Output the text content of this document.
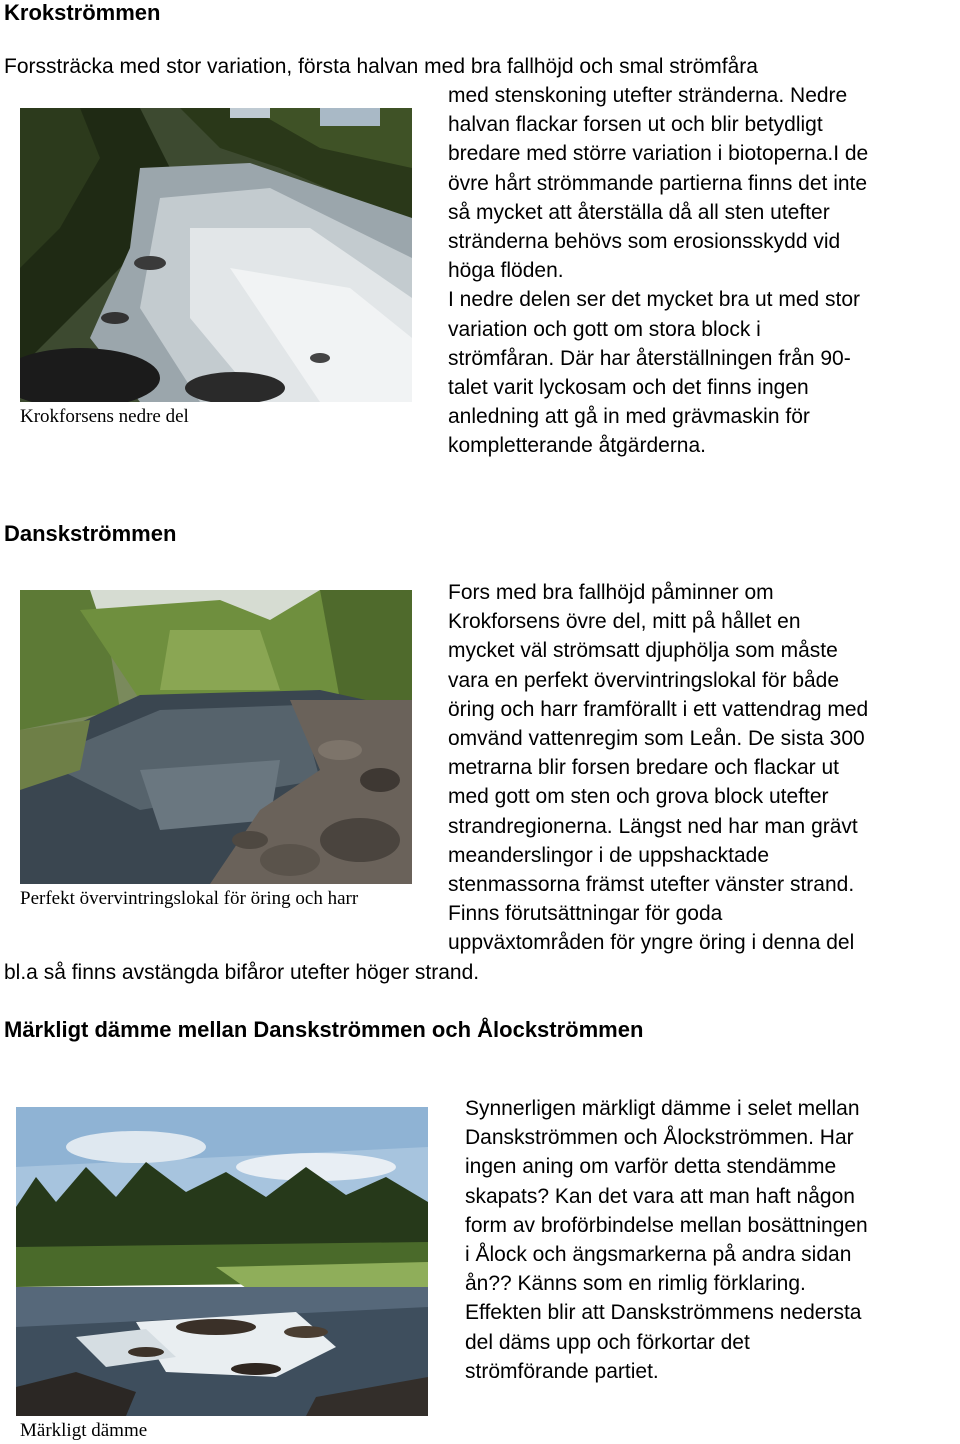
Krokströmmen
Forssträcka med stor variation, första halvan med bra fallhöjd och smal strömfåra
Krokforsens nedre del
med stenskoning utefter stränderna. Nedre
halvan flackar forsen ut och blir betydligt
bredare med större variation i biotoperna.I de
övre hårt strömmande partierna finns det inte
så mycket att återställa då all sten utefter
stränderna behövs som erosionsskydd vid
höga flöden.
I nedre delen ser det mycket bra ut med stor
variation och gott om stora block i
strömfåran. Där har återställningen från 90-
talet varit lyckosam och det finns ingen
anledning att gå in med grävmaskin för
kompletterande åtgärderna.
Danskströmmen
Perfekt övervintringslokal för öring och harr
Fors med bra fallhöjd påminner om
Krokforsens övre del, mitt på hållet en
mycket väl strömsatt djuphölja som måste
vara en perfekt övervintringslokal för både
öring och harr framförallt i ett vattendrag med
omvänd vattenregim som Leån. De sista 300
metrarna blir forsen bredare och flackar ut
med gott om sten och grova block utefter
strandregionerna. Längst ned har man grävt
meanderslingor i de uppshacktade
stenmassorna främst utefter vänster strand.
Finns förutsättningar för goda
uppväxtområden för yngre öring i denna del
bl.a så finns avstängda bifåror utefter höger strand.
Märkligt dämme mellan Danskströmmen och Ålockströmmen
Märkligt dämme
Synnerligen märkligt dämme i selet mellan
Danskströmmen och Ålockströmmen. Har
ingen aning om varför detta stendämme
skapats? Kan det vara att man haft någon
form av broförbindelse mellan bosättningen
i Ålock och ängsmarkerna på andra sidan
ån?? Känns som en rimlig förklaring.
Effekten blir att Danskströmmens nedersta
del däms upp och förkortar det
strömförande partiet.
